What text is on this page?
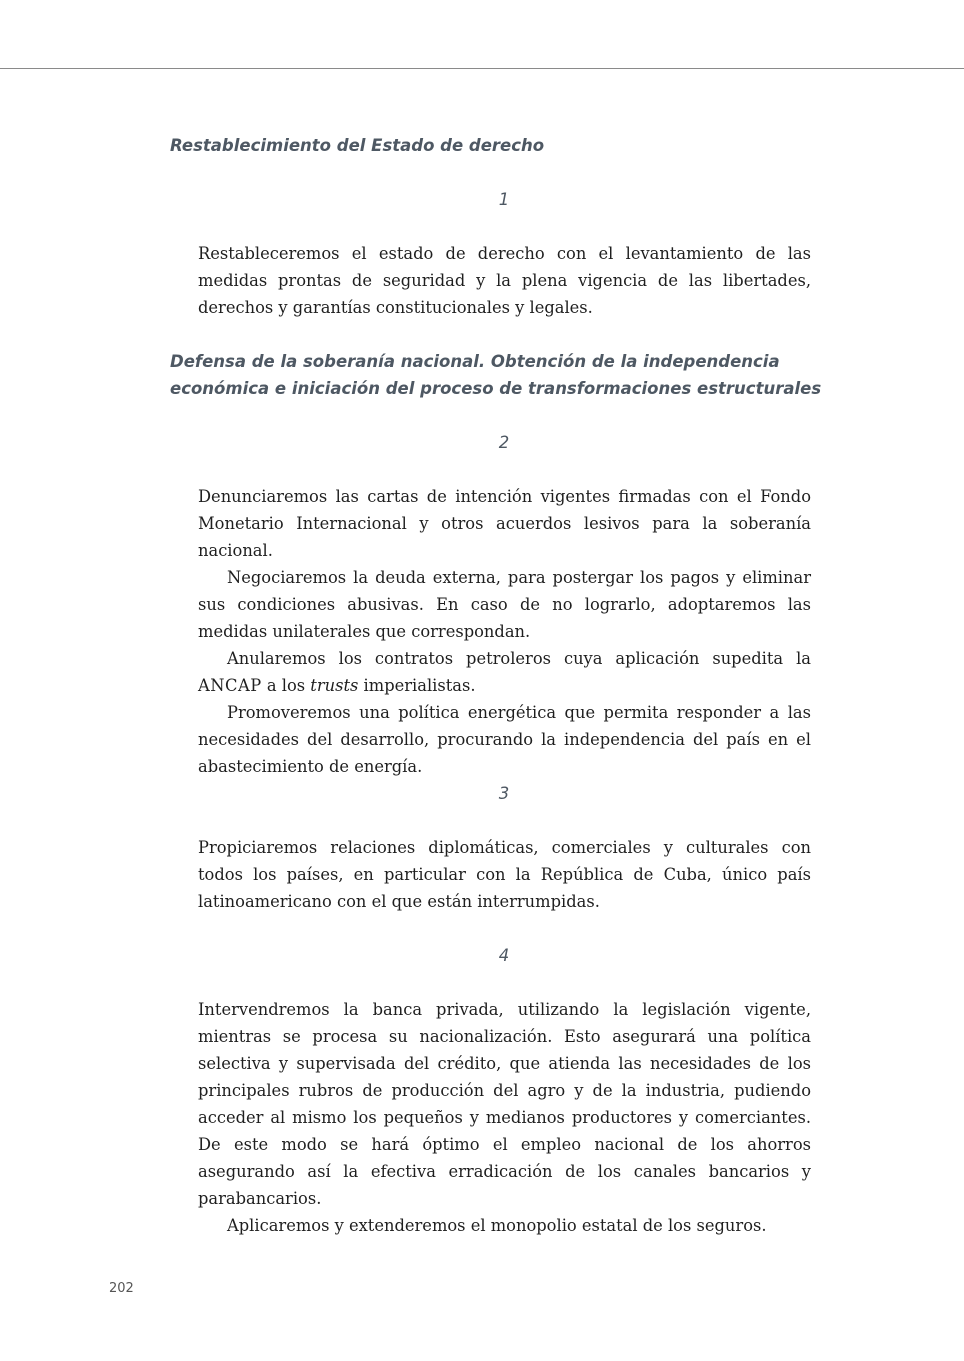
Restablecimiento del Estado de derecho
1

Restableceremos el estado de derecho con el levantamiento de las medidas prontas de seguridad y la plena vigencia de las libertades, derechos y garantías constitucionales y legales.

Defensa de la soberanía nacional. Obtención de la independencia económica e iniciación del proceso de transformaciones estructurales
2

Denunciaremos las cartas de intención vigentes firmadas con el Fondo Monetario Internacional y otros acuerdos lesivos para la soberanía nacional.

Negociaremos la deuda externa, para postergar los pagos y eliminar sus condiciones abusivas. En caso de no lograrlo, adoptaremos las medidas unilaterales que correspondan.

Anularemos los contratos petroleros cuya aplicación supedita la ANCAP a los trusts imperialistas.

Promoveremos una política energética que permita responder a las necesidades del desarrollo, procurando la independencia del país en el abastecimiento de energía.

3

Propiciaremos relaciones diplomáticas, comerciales y culturales con todos los países, en particular con la República de Cuba, único país latinoamericano con el que están interrumpidas.

4

Intervendremos la banca privada, utilizando la legislación vigente, mientras se procesa su nacionalización. Esto asegurará una política selectiva y supervisada del crédito, que atienda las necesidades de los principales rubros de producción del agro y de la industria, pudiendo acceder al mismo los pequeños y medianos productores y comerciantes. De este modo se hará óptimo el empleo nacional de los ahorros asegurando así la efectiva erradicación de los canales bancarios y parabancarios.

Aplicaremos y extenderemos el monopolio estatal de los seguros.

202
